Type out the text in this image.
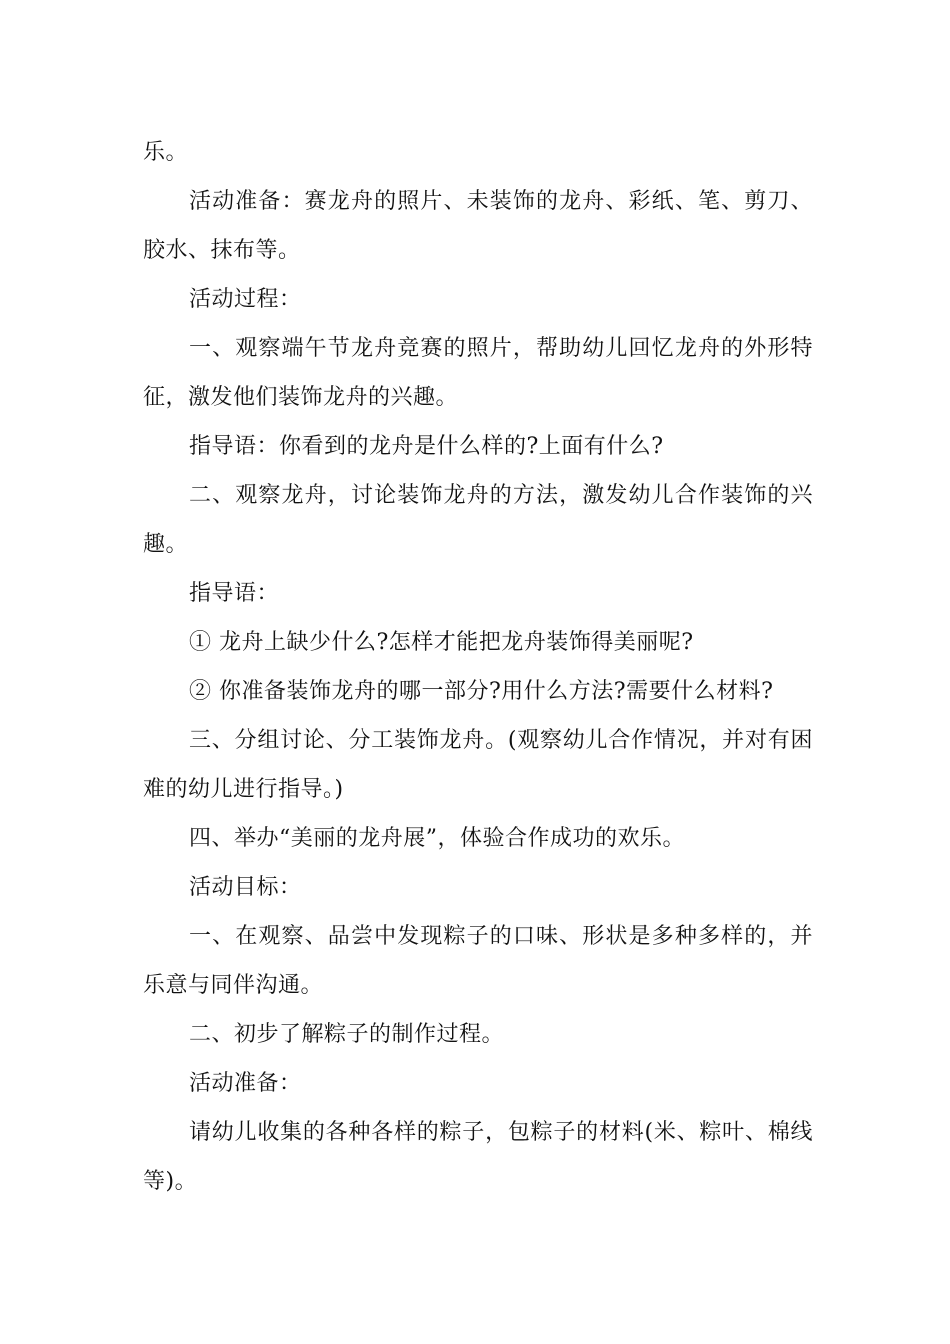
乐。

活动准备：赛龙舟的照片、未装饰的龙舟、彩纸、笔、剪刀、胶水、抹布等。

活动过程：

一、观察端午节龙舟竞赛的照片，帮助幼儿回忆龙舟的外形特征，激发他们装饰龙舟的兴趣。

指导语：你看到的龙舟是什么样的?上面有什么?

二、观察龙舟，讨论装饰龙舟的方法，激发幼儿合作装饰的兴趣。

指导语：

① 龙舟上缺少什么?怎样才能把龙舟装饰得美丽呢?

② 你准备装饰龙舟的哪一部分?用什么方法?需要什么材料?

三、分组讨论、分工装饰龙舟。(观察幼儿合作情况，并对有困难的幼儿进行指导。)

四、举办“美丽的龙舟展”，体验合作成功的欢乐。

活动目标：

一、在观察、品尝中发现粽子的口味、形状是多种多样的，并乐意与同伴沟通。

二、初步了解粽子的制作过程。

活动准备：

请幼儿收集的各种各样的粽子，包粽子的材料(米、粽叶、棉线等)。
